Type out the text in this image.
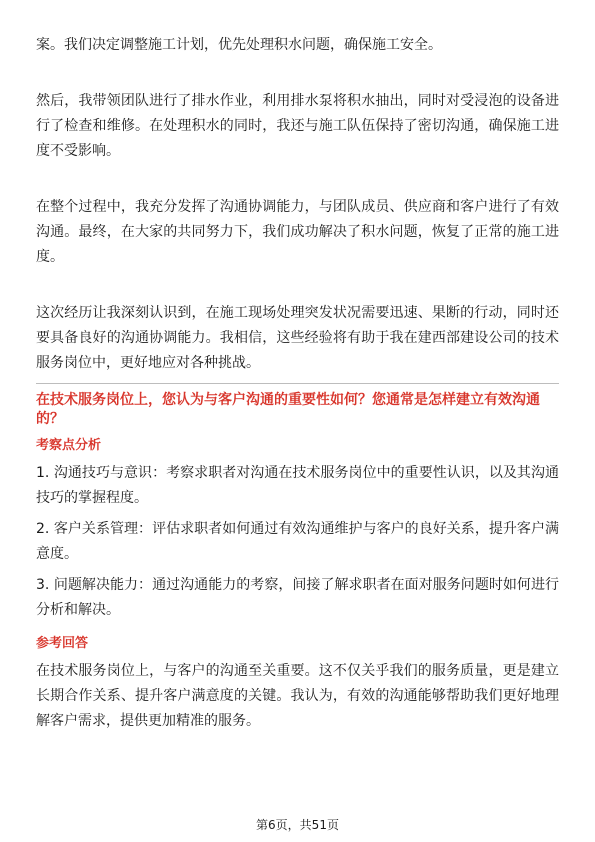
案。我们决定调整施工计划，优先处理积水问题，确保施工安全。

然后，我带领团队进行了排水作业，利用排水泵将积水抽出，同时对受浸泡的设备进行了检查和维修。在处理积水的同时，我还与施工队伍保持了密切沟通，确保施工进度不受影响。

在整个过程中，我充分发挥了沟通协调能力，与团队成员、供应商和客户进行了有效沟通。最终，在大家的共同努力下，我们成功解决了积水问题，恢复了正常的施工进度。

这次经历让我深刻认识到，在施工现场处理突发状况需要迅速、果断的行动，同时还要具备良好的沟通协调能力。我相信，这些经验将有助于我在建西部建设公司的技术服务岗位中，更好地应对各种挑战。

在技术服务岗位上，您认为与客户沟通的重要性如何？您通常是怎样建立有效沟通的？
考察点分析

1. 沟通技巧与意识：考察求职者对沟通在技术服务岗位中的重要性认识，以及其沟通技巧的掌握程度。

2. 客户关系管理：评估求职者如何通过有效沟通维护与客户的良好关系，提升客户满意度。

3. 问题解决能力：通过沟通能力的考察，间接了解求职者在面对服务问题时如何进行分析和解决。

参考回答

在技术服务岗位上，与客户的沟通至关重要。这不仅关乎我们的服务质量，更是建立长期合作关系、提升客户满意度的关键。我认为，有效的沟通能够帮助我们更好地理解客户需求，提供更加精准的服务。

第6页，共51页
